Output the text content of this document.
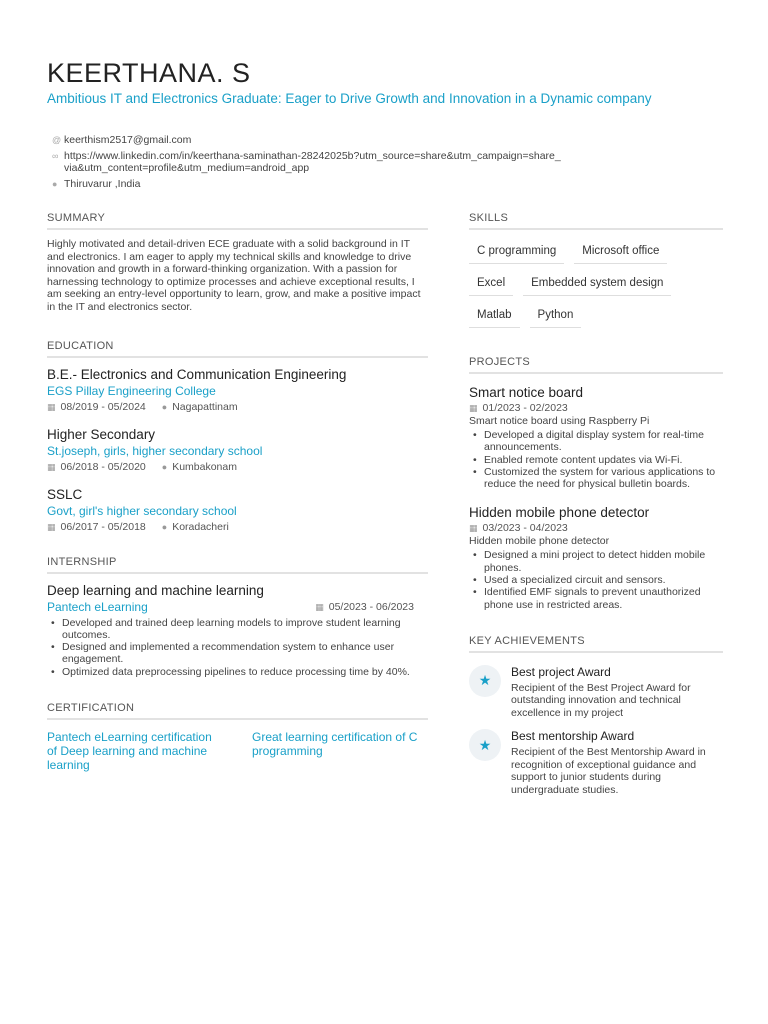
KEERTHANA. S
Ambitious IT and Electronics Graduate: Eager to Drive Growth and Innovation in a Dynamic company
@ keerthism2517@gmail.com
∞ https://www.linkedin.com/in/keerthana-saminathan-28242025b?utm_source=share&utm_campaign=share_via&utm_content=profile&utm_medium=android_app
● Thiruvarur ,India
SUMMARY
Highly motivated and detail-driven ECE graduate with a solid background in IT and electronics. I am eager to apply my technical skills and knowledge to drive innovation and growth in a forward-thinking organization. With a passion for harnessing technology to optimize processes and achieve exceptional results, I am seeking an entry-level opportunity to learn, grow, and make a positive impact in the IT and electronics sector.
EDUCATION
B.E.- Electronics and Communication Engineering
EGS Pillay Engineering College
▦ 08/2019 - 05/2024 ● Nagapattinam
Higher Secondary
St.joseph, girls, higher secondary school
▦ 06/2018 - 05/2020 ● Kumbakonam
SSLC
Govt, girl's higher secondary school
▦ 06/2017 - 05/2018 ● Koradacheri
INTERNSHIP
Deep learning and machine learning
Pantech eLearning	▦ 05/2023 - 06/2023
• Developed and trained deep learning models to improve student learning outcomes.
• Designed and implemented a recommendation system to enhance user engagement.
• Optimized data preprocessing pipelines to reduce processing time by 40%.
CERTIFICATION
Pantech eLearning certification of Deep learning and machine learning
Great learning certification of C programming
SKILLS
C programming	Microsoft office
Excel	Embedded system design
Matlab	Python
PROJECTS
Smart notice board
▦ 01/2023 - 02/2023
Smart notice board using Raspberry Pi
• Developed a digital display system for real-time announcements.
• Enabled remote content updates via Wi-Fi.
• Customized the system for various applications to reduce the need for physical bulletin boards.
Hidden mobile phone detector
▦ 03/2023 - 04/2023
Hidden mobile phone detector
• Designed a mini project to detect hidden mobile phones.
• Used a specialized circuit and sensors.
• Identified EMF signals to prevent unauthorized phone use in restricted areas.
KEY ACHIEVEMENTS
★
Best project Award
Recipient of the Best Project Award for outstanding innovation and technical excellence in my project
★
Best mentorship Award
Recipient of the Best Mentorship Award in recognition of exceptional guidance and support to junior students during undergraduate studies.
